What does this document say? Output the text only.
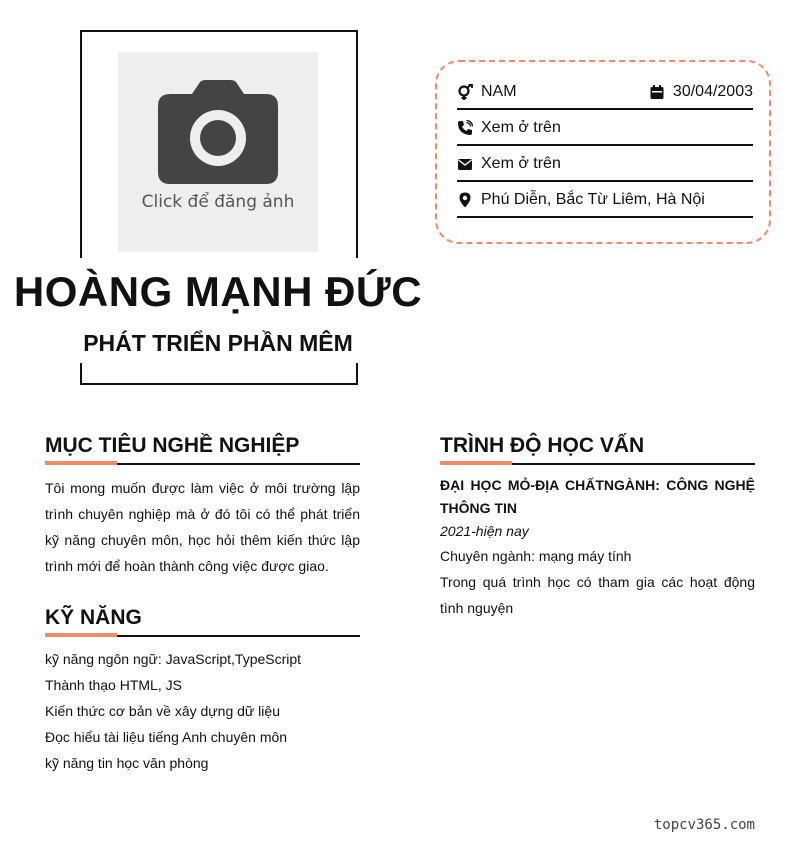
Click để đăng ảnh
HOÀNG MẠNH ĐỨC
PHÁT TRIỂN PHẦN MÊM
NAM	30/04/2003
Xem ở trên
Xem ở trên
Phú Diễn, Bắc Từ Liêm, Hà Nội
MỤC TIÊU NGHỀ NGHIỆP

Tôi mong muốn được làm việc ở môi trường lập trình chuyên nghiệp mà ở đó tôi có thể phát triển kỹ năng chuyên môn, học hỏi thêm kiến thức lập trình mới để hoàn thành công việc được giao.

KỸ NĂNG
kỹ năng ngôn ngữ: JavaScript,TypeScript
Thành thạo HTML, JS
Kiến thức cơ bản về xây dựng dữ liệu
Đọc hiểu tài liệu tiếng Anh chuyên môn
kỹ năng tin học văn phòng
TRÌNH ĐỘ HỌC VẤN

ĐẠI HỌC MỎ-ĐỊA CHẤTNGÀNH: CÔNG NGHỆ THÔNG TIN

2021-hiện nay

Chuyên ngành: mạng máy tính

Trong quá trình học có tham gia các hoạt động tình nguyện

topcv365.com
